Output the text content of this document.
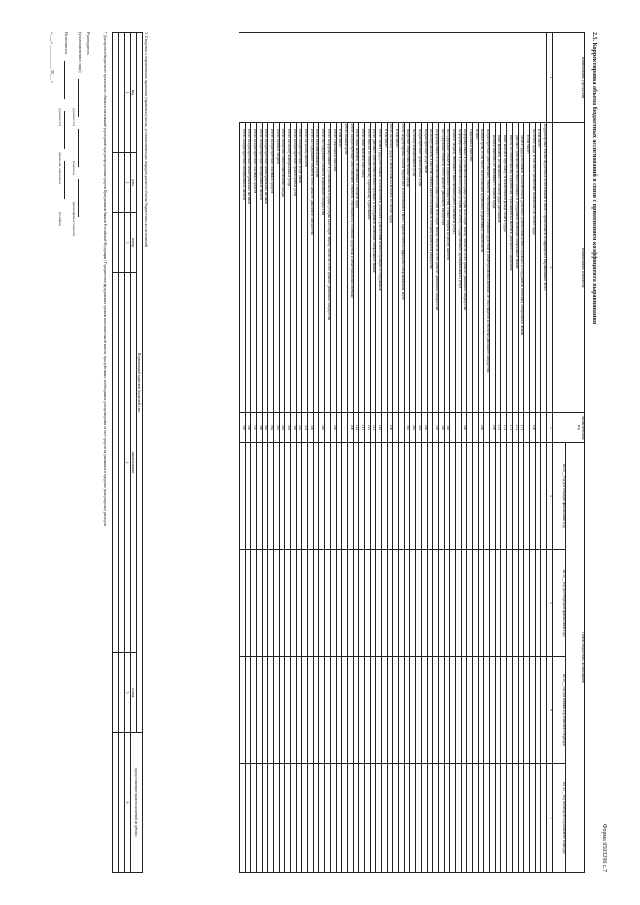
Форма 0503296 с.7
2.5. Корректировка объема бюджетных ассигнований в связи с применением коэффициента выравнивания
Наименование учреждения	Наименование показателя	Аналитический код	Объем бюджетных ассигнований			
			на 20__ год (на текущий финансовый год)	на 20__ год (на очередной финансовый год)	на 20__ год (на первый год планового периода)	на 20__ год (на второй год планового периода)
1	2	3	4	5	6	7
	Корректировка объема бюджетных ассигнований в связи с применением коэффициента выравнивания, всего					
	в том числе:					
	на оплату труда, в том числе увеличение на выплаты по оплате труда	100				
	в том числе:					
	оплата труда работников, за исключением денежного довольствия военнослужащих и сотрудников, имеющих специальные звания	171				
	денежное довольствие военнослужащих и сотрудников, имеющих специальные звания	172				
	взносы по обязательному социальному страхованию на выплаты денежного содержания	173				
	иные выплаты персоналу, за исключением фонда оплаты труда	174				
	иные выплаты, не связанные с оплатой труда работников	175				
	на иные выплаты, не связанные с оплатой труда	180				
	на приобретение (изготовление) объектов, относящихся к основным средствам и нематериальным активам, не относящихся к объектам движимого имущества					
	на иные цели, в том числе на исполнение публичных нормативных обязательств	200				
	из них:					
	социальные выплаты					
	на формирование в установленном порядке резерва на полную замену объектов особо ценного движимого имущества	300				
	на формирование в установленном порядке резерва на оплату государственных (муниципальных) услуг					
	на иные затраты, связанные с выполнением работ (оказанием услуг)					
	на содержание объектов недвижимого имущества, а также затраты на уплату налогов	310				
	на содержание объектов особо ценного движимого имущества	320				
	на формирование в установленном порядке резерва на полную замену объектов особо ценного движимого имущества	330				
	на уплату налогов, в качестве объекта налогообложения по которым признается имущество					
	на приобретение услуг связи	360				
	на приобретение транспортных услуг	361				
	на оплату коммунальных услуг	362				
	на прочие общехозяйственные нужды	363				
	Итого корректировка объема бюджетных ассигнований в связи с применением коэффициента выравнивания, всего					
	в том числе:					
	Итого на оплату труда и начисления на выплаты по оплате труда	100				
	в том числе:					
	Итого оплата труда работников, за исключением денежного довольствия военнослужащих и сотрудников	110				
	Итого денежное довольствие военнослужащих и сотрудников, имеющих специальные звания	111				
	Итого взносы по обязательному социальному страхованию	112				
	Итого иные выплаты персоналу	113				
	Итого иные выплаты, не связанные с оплатой труда	114				
	Итого на приобретение (изготовление) объектов, относящихся к основным средствам и нематериальным активам	200				
	Итого на иные цели					
	в том числе:					
	Итого социальные выплаты	300				
	Итого на формирование в установленном порядке резерва на полную замену объектов особо ценного движимого имущества					
	Итого на содержание объектов недвижимого имущества	340				
	Итого на коммунальные услуги					
	Итого на содержание объектов особо ценного движимого имущества	350				
	Итого на уплату налогов	351				
	Итого на приобретение услуг связи	352				
	Итого на приобретение транспортных услуг	360				
	Итого на оплату коммунальных услуг	361				
	Итого на прочие общехозяйственные нужды	362				
	Итого на иные затраты	363				
	Итого на приобретение основных средств	364				
	Итого на приобретение нематериальных активов	365				
	Итого на приобретение материальных запасов	366				
	Итого на приобретение основных средств	370				
	Итого на приобретение нематериальных активов	380				
	Итого на приобретение материальных запасов	390				
3. Сведения о нормативных правовых (правовых) актах, устанавливающих порядок расчета объема бюджетных ассигнований
Нормативный правовой (правовой) акт					предоставление прав полномочий (в рублях)
вид	дата	номер	наименование	статья	
1	2	3	4	5	6

* Для проекта бюджетного прогнозного объема ассигнований учреждений при распределении средств Центральным банком Российской Федерации (Учредителем) федеральных органов исполнительной власти, при действиях, необходимых для проведения за счет средств на указанных в пределах (или разделах) расходов.
Руководитель
(уполномоченное лицо)
(должность) (подпись) (расшифровка подписи)
Исполнитель
(должность) (фамилия, инициалы) (телефон)
«____» ____________ 20___ г.
